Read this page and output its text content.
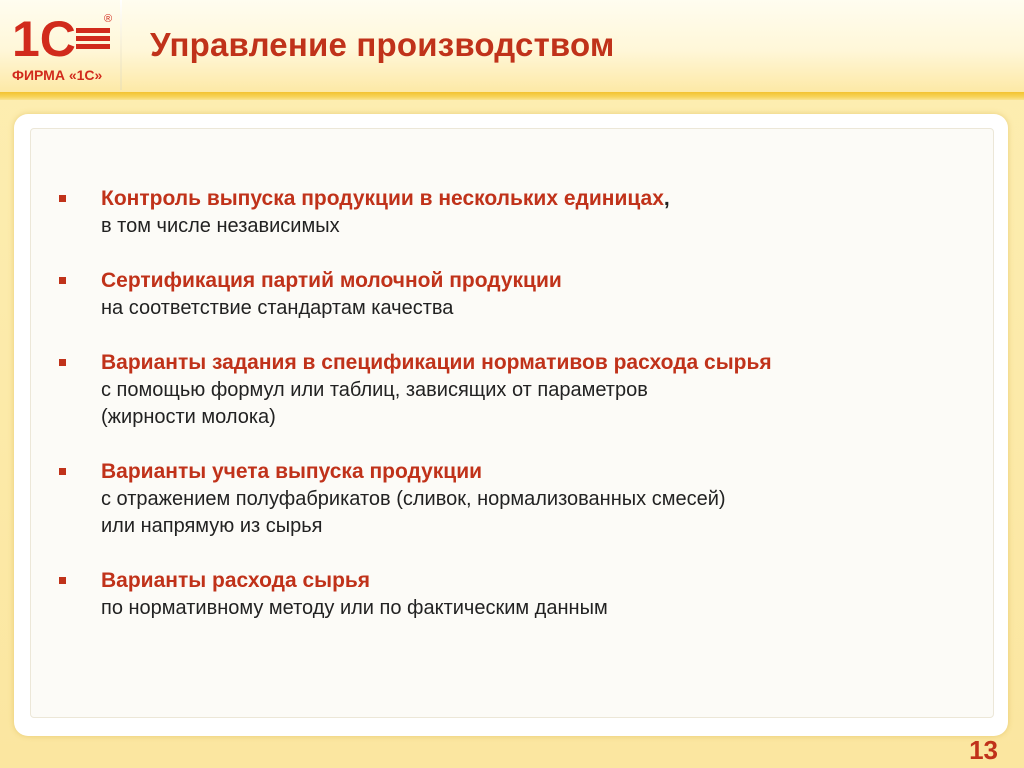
1С	®
ФИРМА «1С»
Управление производством
Контроль выпуска продукции в нескольких единицах,
в том числе независимых
Сертификация партий молочной продукции
на соответствие стандартам качества
Варианты задания в спецификации нормативов расхода сырья
с помощью формул или таблиц, зависящих от параметров
(жирности молока)
Варианты учета выпуска продукции
с отражением полуфабрикатов (сливок, нормализованных смесей)
или напрямую из сырья
Варианты расхода сырья
по нормативному методу или по фактическим данным
13
